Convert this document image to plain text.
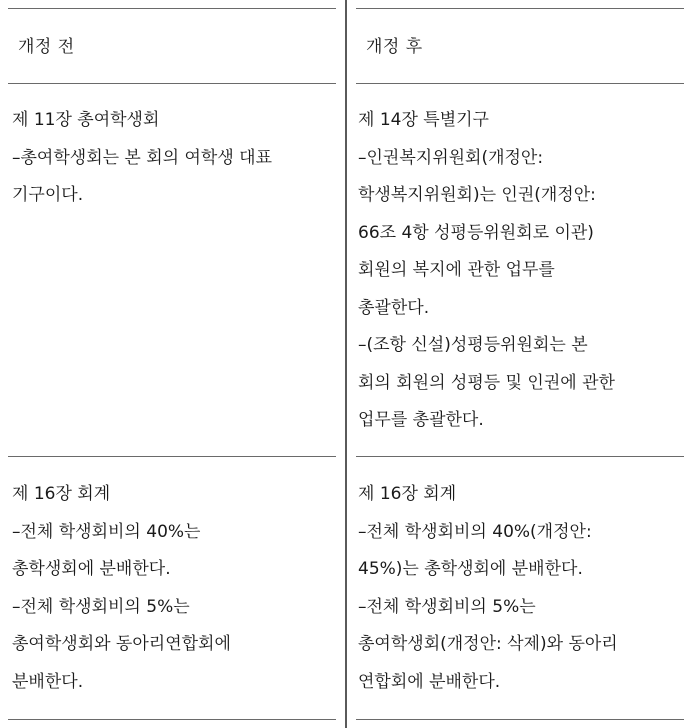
개정 전	개정 후
제 11장 총여학생회
–총여학생회는 본 회의 여학생 대표
기구이다.
제 14장 특별기구
–인권복지위원회(개정안:
학생복지위원회)는 인권(개정안:
66조 4항 성평등위원회로 이관)
회원의 복지에 관한 업무를
총괄한다.
–(조항 신설)성평등위원회는 본
회의 회원의 성평등 및 인권에 관한
업무를 총괄한다.
제 16장 회계
–전체 학생회비의 40%는
총학생회에 분배한다.
–전체 학생회비의 5%는
총여학생회와 동아리연합회에
분배한다.
제 16장 회계
–전체 학생회비의 40%(개정안:
45%)는 총학생회에 분배한다.
–전체 학생회비의 5%는
총여학생회(개정안: 삭제)와 동아리
연합회에 분배한다.
